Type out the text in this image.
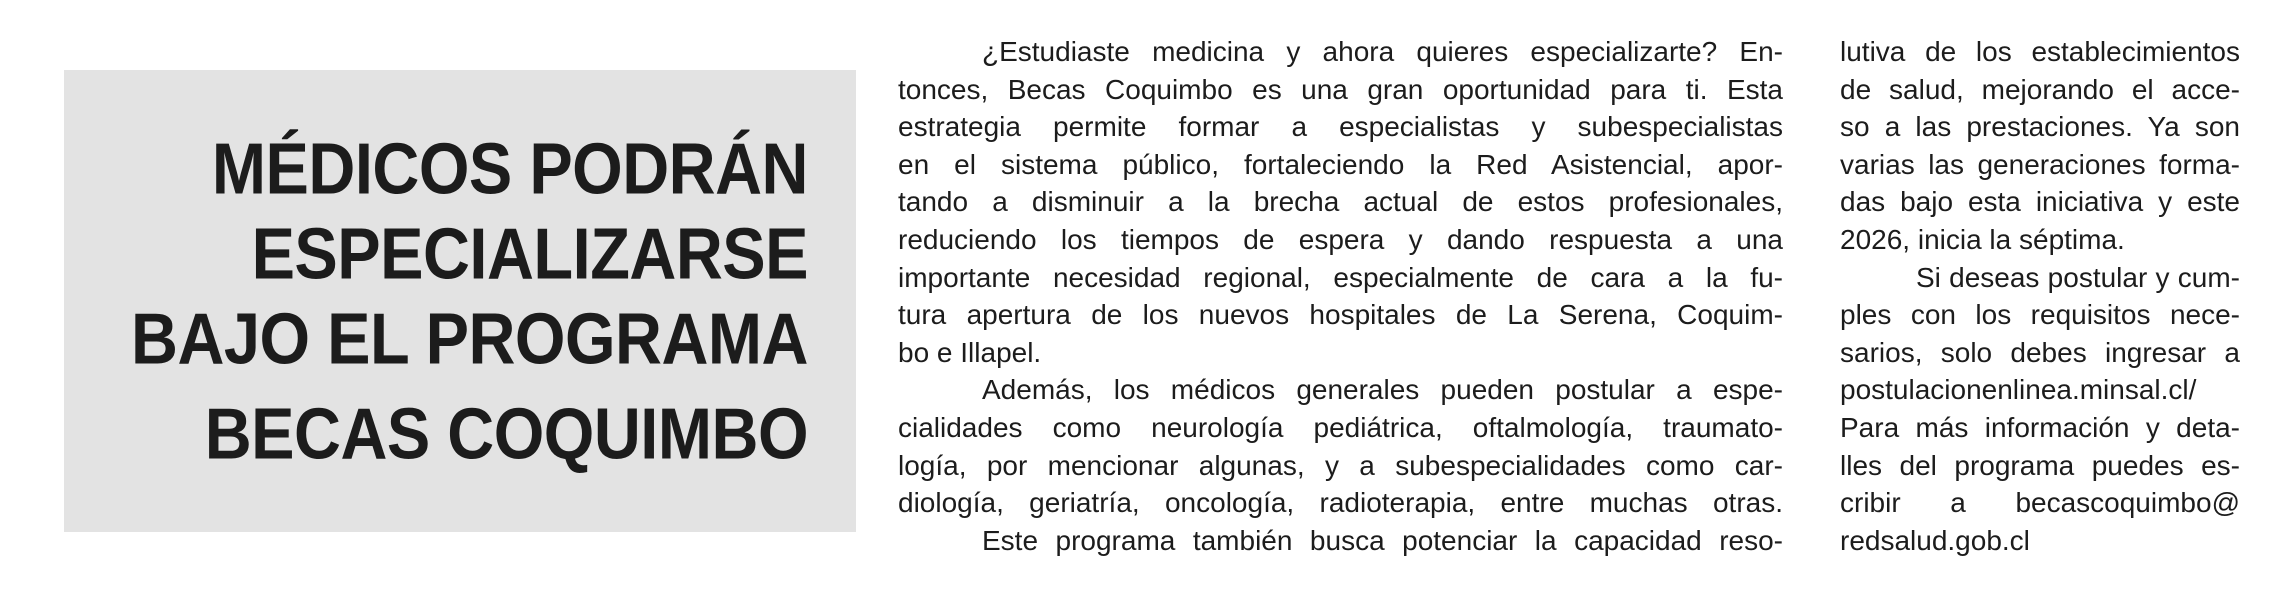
MÉDICOS PODRÁN
ESPECIALIZARSE
BAJO EL PROGRAMA
BECAS COQUIMBO
¿Estudiaste medicina y ahora quieres especializarte? En-
tonces, Becas Coquimbo es una gran oportunidad para ti. Esta
estrategia permite formar a especialistas y subespecialistas
en el sistema público, fortaleciendo la Red Asistencial, apor-
tando a disminuir a la brecha actual de estos profesionales,
reduciendo los tiempos de espera y dando respuesta a una
importante necesidad regional, especialmente de cara a la fu-
tura apertura de los nuevos hospitales de La Serena, Coquim-
bo e Illapel.
Además, los médicos generales pueden postular a espe-
cialidades como neurología pediátrica, oftalmología, traumato-
logía, por mencionar algunas, y a subespecialidades como car-
diología, geriatría, oncología, radioterapia, entre muchas otras.
Este programa también busca potenciar la capacidad reso-
lutiva de los establecimientos
de salud, mejorando el acce-
so a las prestaciones. Ya son
varias las generaciones forma-
das bajo esta iniciativa y este
2026, inicia la séptima.
Si deseas postular y cum-
ples con los requisitos nece-
sarios, solo debes ingresar a
postulacionenlinea.minsal.cl/
Para más información y deta-
lles del programa puedes es-
cribir a becascoquimbo@
redsalud.gob.cl
